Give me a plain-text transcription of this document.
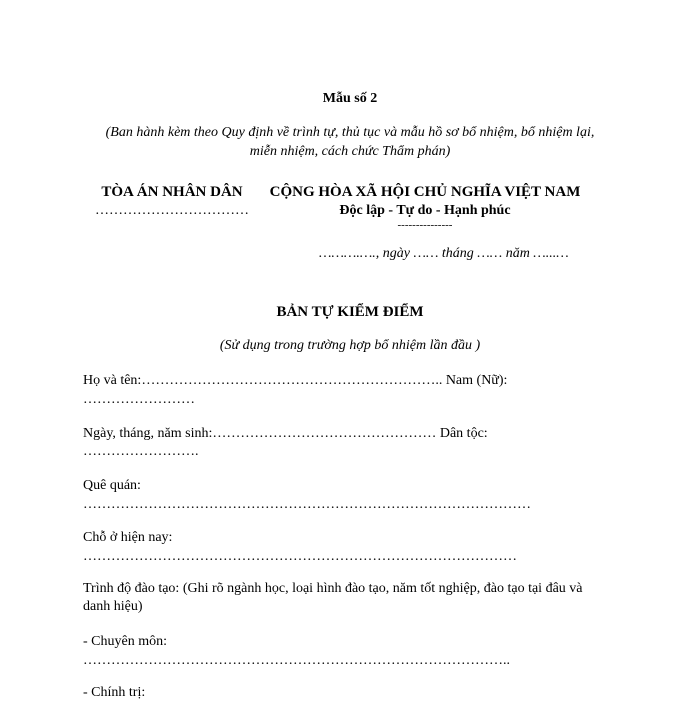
Mẫu số 2
(Ban hành kèm theo Quy định về trình tự, thủ tục và mẫu hồ sơ bổ nhiệm, bổ nhiệm lại,
miễn nhiệm, cách chức Thẩm phán)
TÒA ÁN NHÂN DÂN
……………………………
CỘNG HÒA XÃ HỘI CHỦ NGHĨA VIỆT NAM
Độc lập - Tự do - Hạnh phúc
---------------
……….…., ngày …… tháng …… năm …...…
BẢN TỰ KIỂM ĐIỂM
(Sử dụng trong trường hợp bổ nhiệm lần đầu )
Họ và tên:……………………………………………………….. Nam (Nữ):
……………………
Ngày, tháng, năm sinh:………………………………………… Dân tộc:
…………………….
Quê quán:
……………………………………………………………………………………
Chỗ ở hiện nay:
…………………………………………………………………………………
Trình độ đào tạo: (Ghi rõ ngành học, loại hình đào tạo, năm tốt nghiệp, đào tạo tại đâu và
danh hiệu)
- Chuyên môn:
………………………………………………………………………………..
- Chính trị:
